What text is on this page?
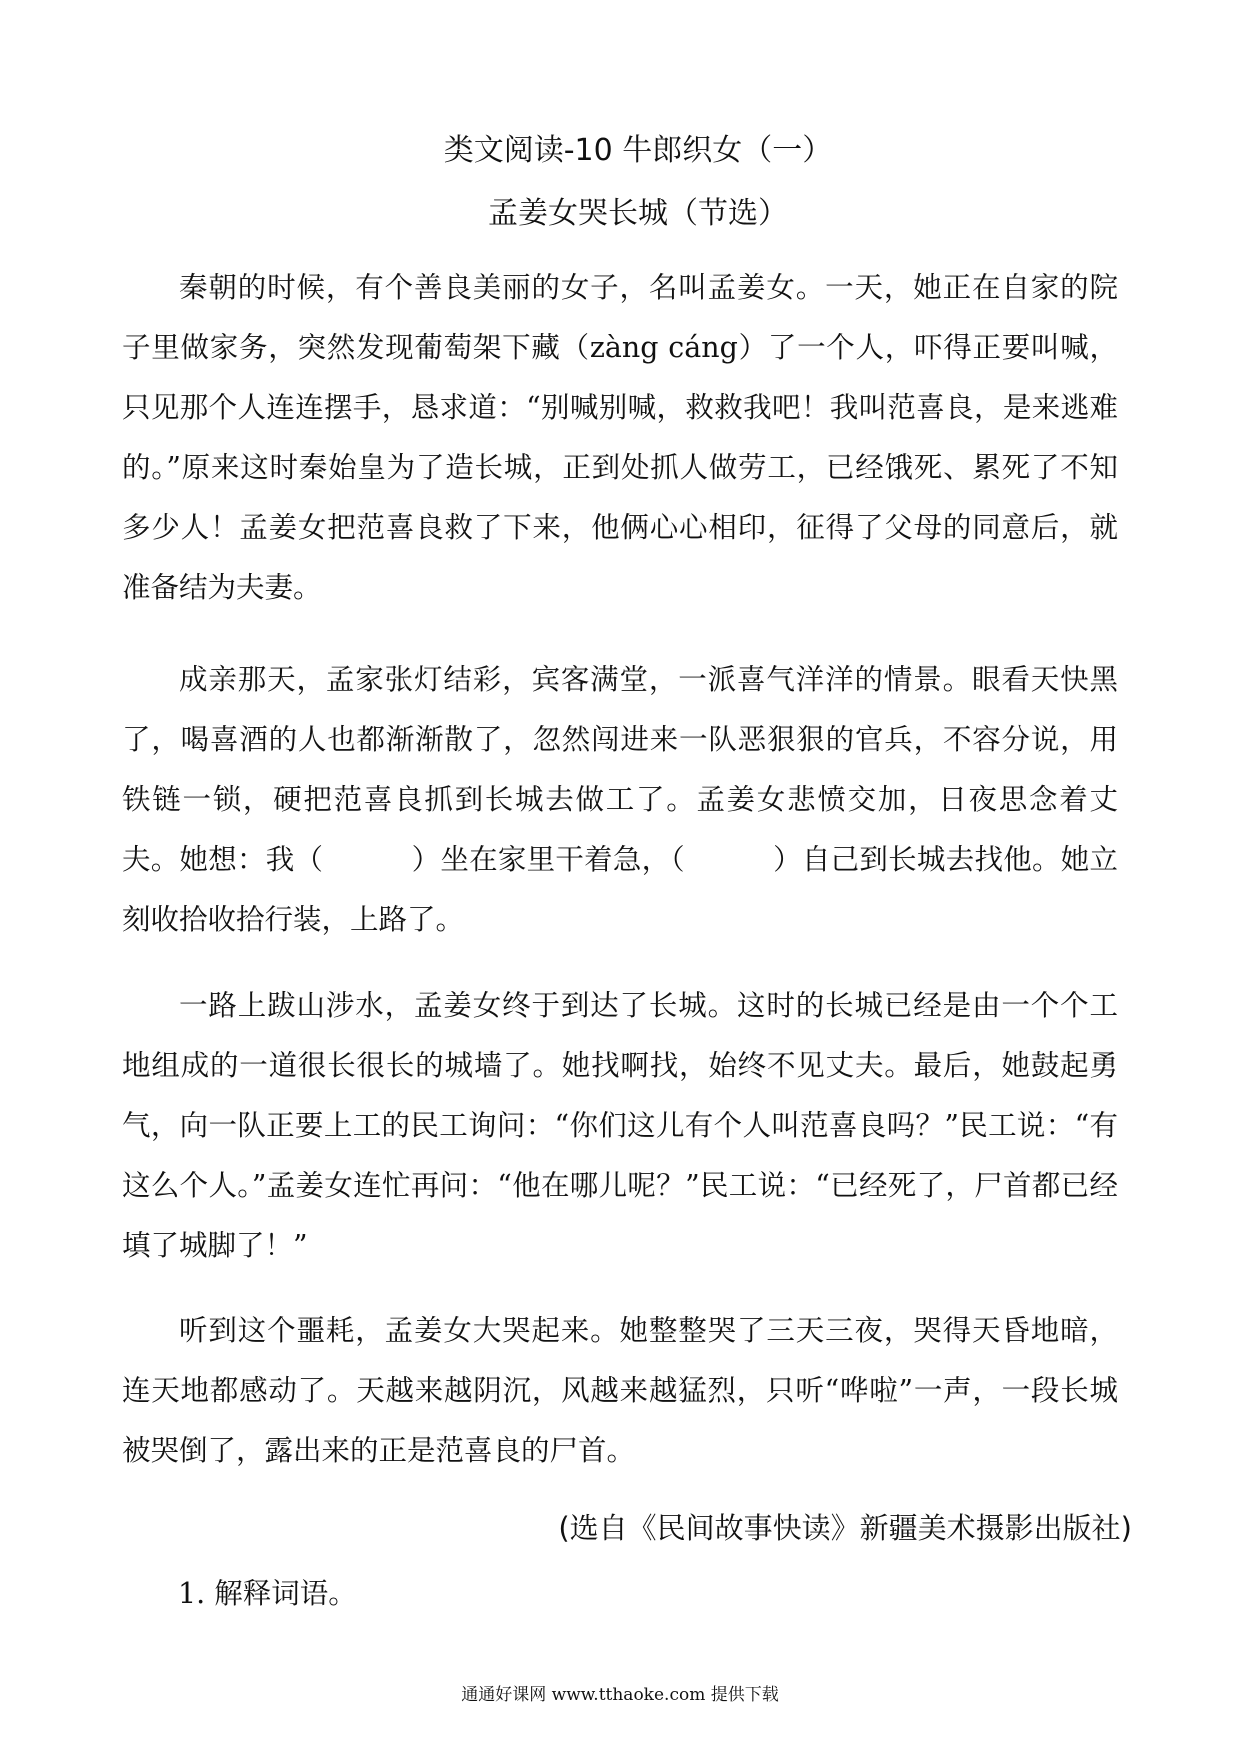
类文阅读-10 牛郎织女（一）
孟姜女哭长城（节选）

秦朝的时候，有个善良美丽的女子，名叫孟姜女。一天，她正在自家的院子里做家务，突然发现葡萄架下藏（zàng cáng）了一个人，吓得正要叫喊，只见那个人连连摆手，恳求道：“别喊别喊，救救我吧！我叫范喜良，是来逃难的。”原来这时秦始皇为了造长城，正到处抓人做劳工，已经饿死、累死了不知多少人！孟姜女把范喜良救了下来，他俩心心相印，征得了父母的同意后，就准备结为夫妻。

成亲那天，孟家张灯结彩，宾客满堂，一派喜气洋洋的情景。眼看天快黑了，喝喜酒的人也都渐渐散了，忽然闯进来一队恶狠狠的官兵，不容分说，用铁链一锁，硬把范喜良抓到长城去做工了。孟姜女悲愤交加，日夜思念着丈夫。她想：我（	）坐在家里干着急，（	）自己到长城去找他。她立刻收拾收拾行装，上路了。

一路上跋山涉水，孟姜女终于到达了长城。这时的长城已经是由一个个工地组成的一道很长很长的城墙了。她找啊找，始终不见丈夫。最后，她鼓起勇气，向一队正要上工的民工询问：“你们这儿有个人叫范喜良吗？”民工说：“有这么个人。”孟姜女连忙再问：“他在哪儿呢？”民工说：“已经死了，尸首都已经填了城脚了！”

听到这个噩耗，孟姜女大哭起来。她整整哭了三天三夜，哭得天昏地暗，连天地都感动了。天越来越阴沉，风越来越猛烈，只听“哗啦”一声，一段长城被哭倒了，露出来的正是范喜良的尸首。

(选自《民间故事快读》新疆美术摄影出版社)
1. 解释词语。
通通好课网 www.tthaoke.com 提供下载
